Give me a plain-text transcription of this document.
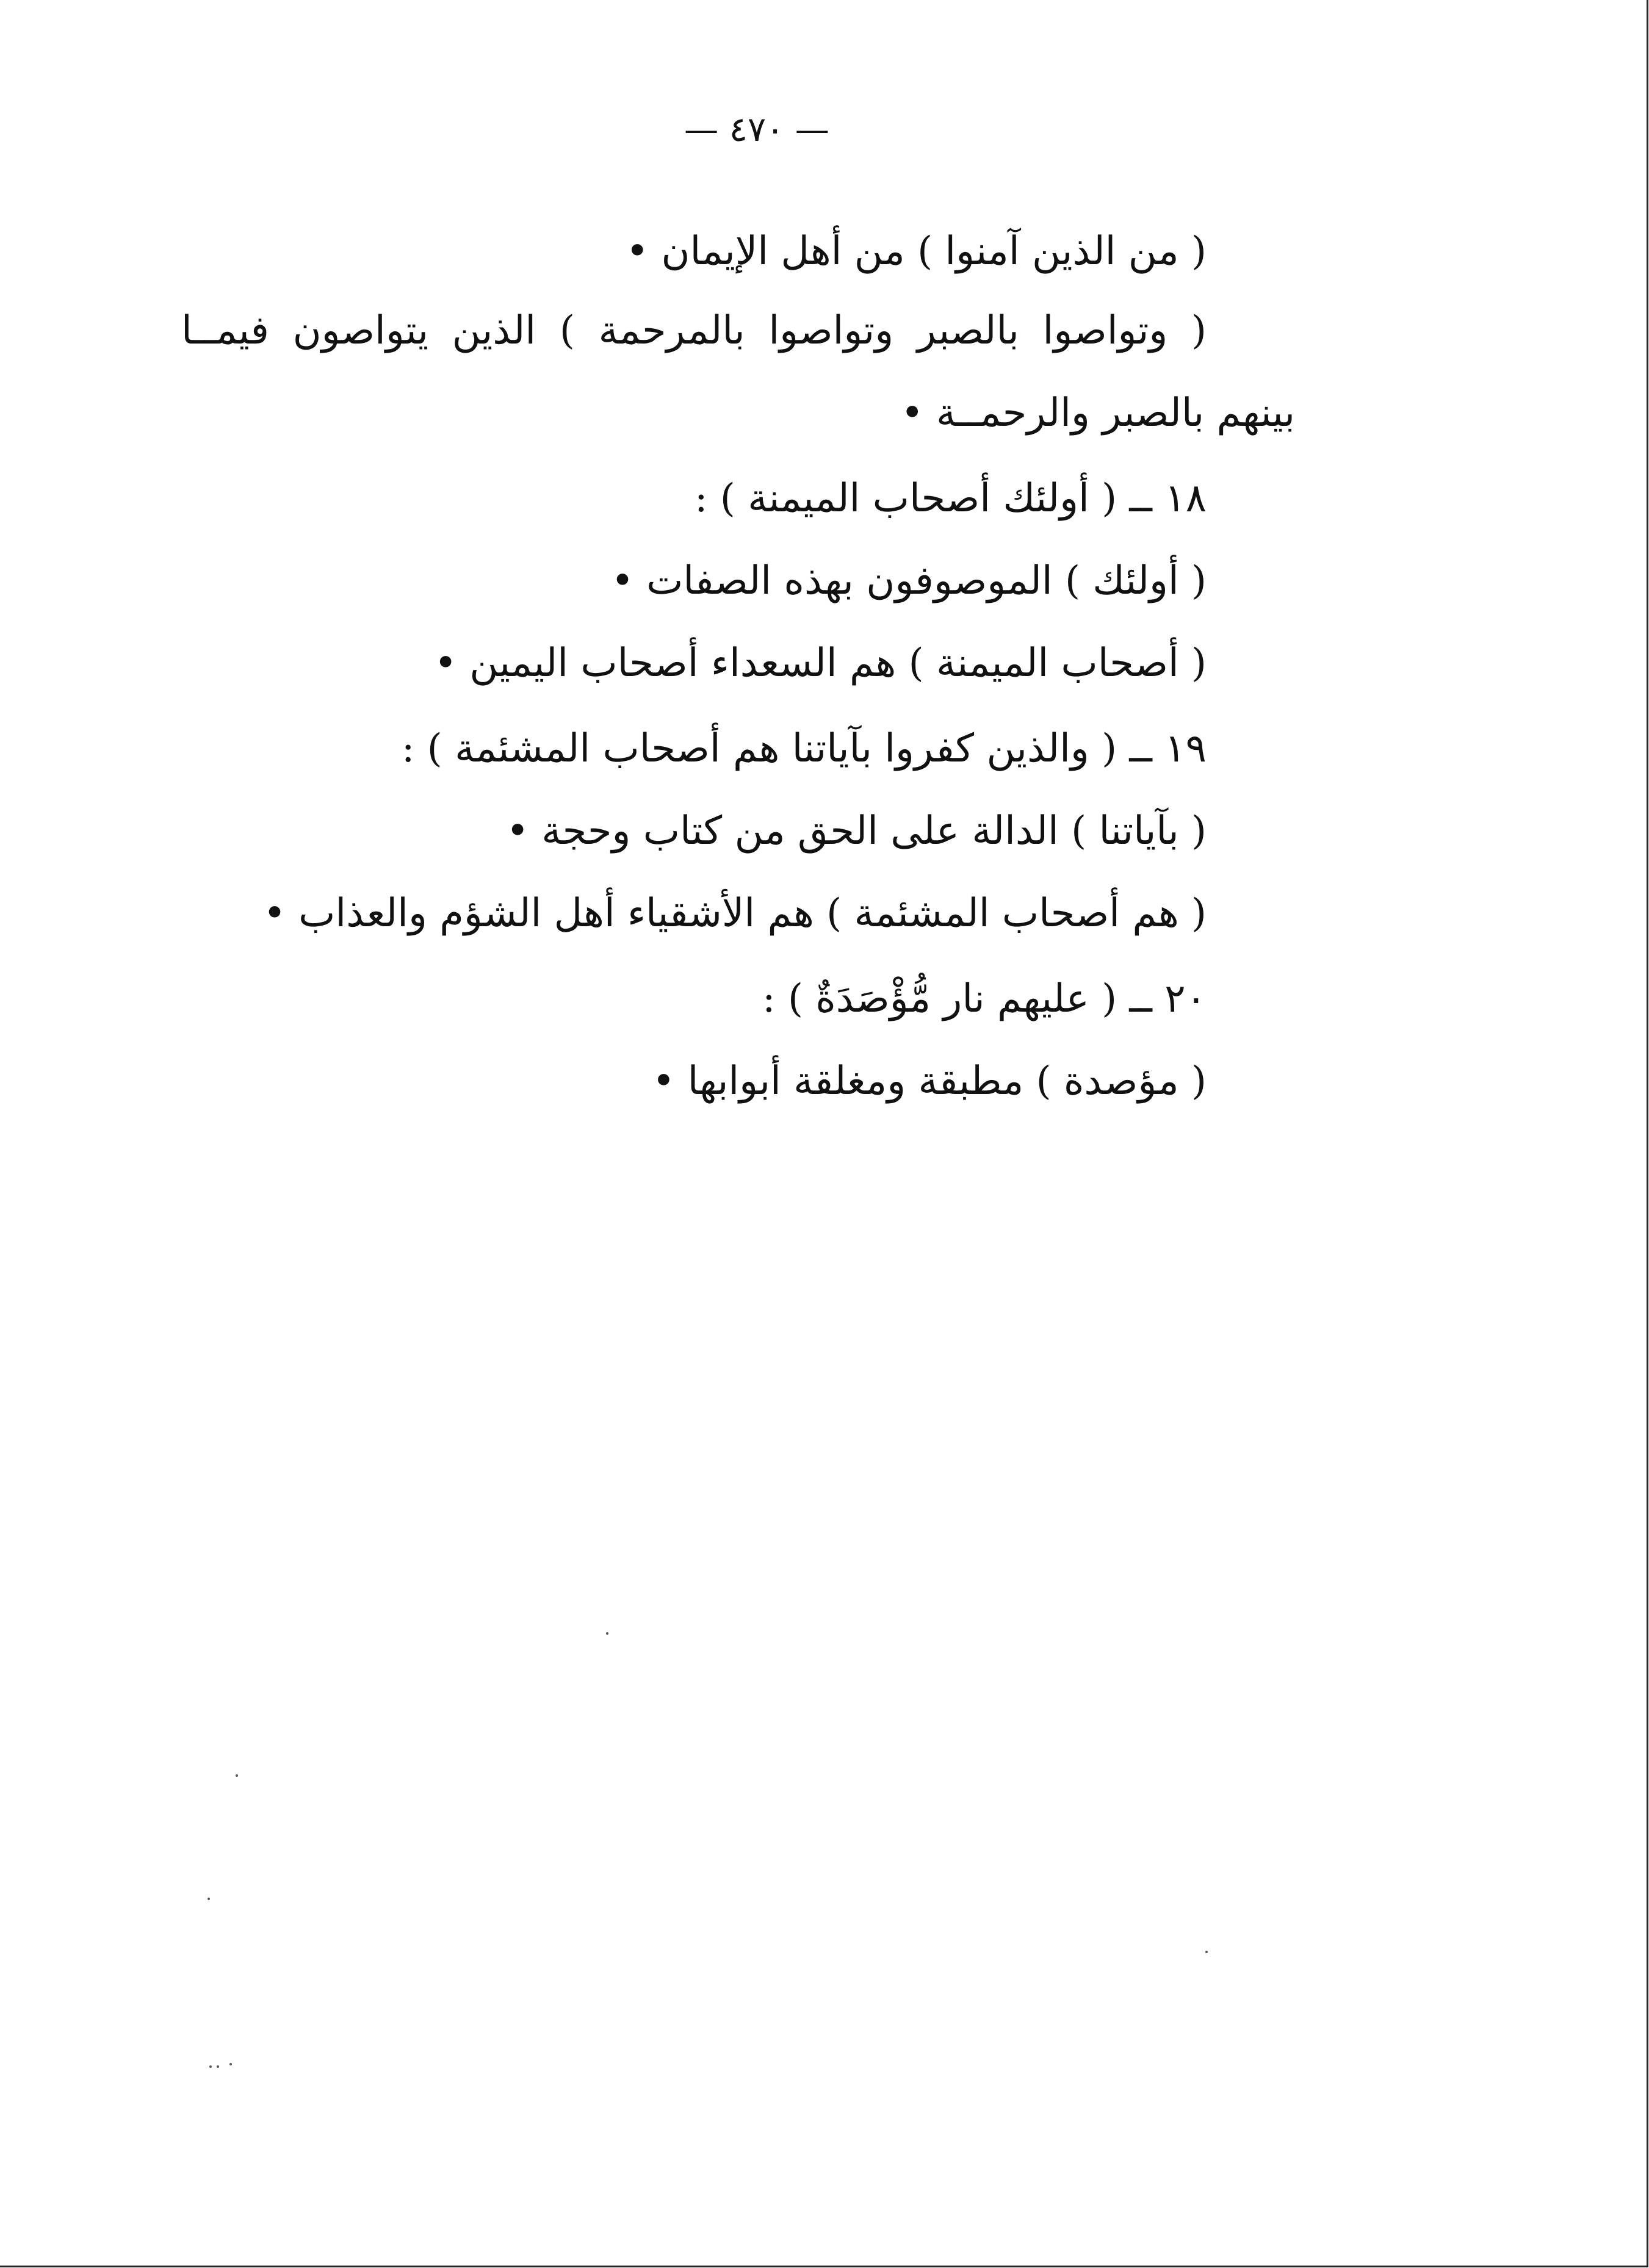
— ٤٧٠ —
( من الذين آمنوا ) من أهل الإيمان •
( وتواصوا بالصبر وتواصوا بالمرحمة ) الذين يتواصون فيمــا
بينهم بالصبر والرحمــة •
١٨ ــ ( أولئك أصحاب الميمنة ) :
( أولئك ) الموصوفون بهذه الصفات •
( أصحاب الميمنة ) هم السعداء أصحاب اليمين •
١٩ ــ ( والذين كفروا بآياتنا هم أصحاب المشئمة ) :
( بآياتنا ) الدالة على الحق من كتاب وحجة •
( هم أصحاب المشئمة ) هم الأشقياء أهل الشؤم والعذاب •
٢٠ ــ ( عليهم نار مُّؤْصَدَةٌ ) :
( مؤصدة ) مطبقة ومغلقة أبوابها •
